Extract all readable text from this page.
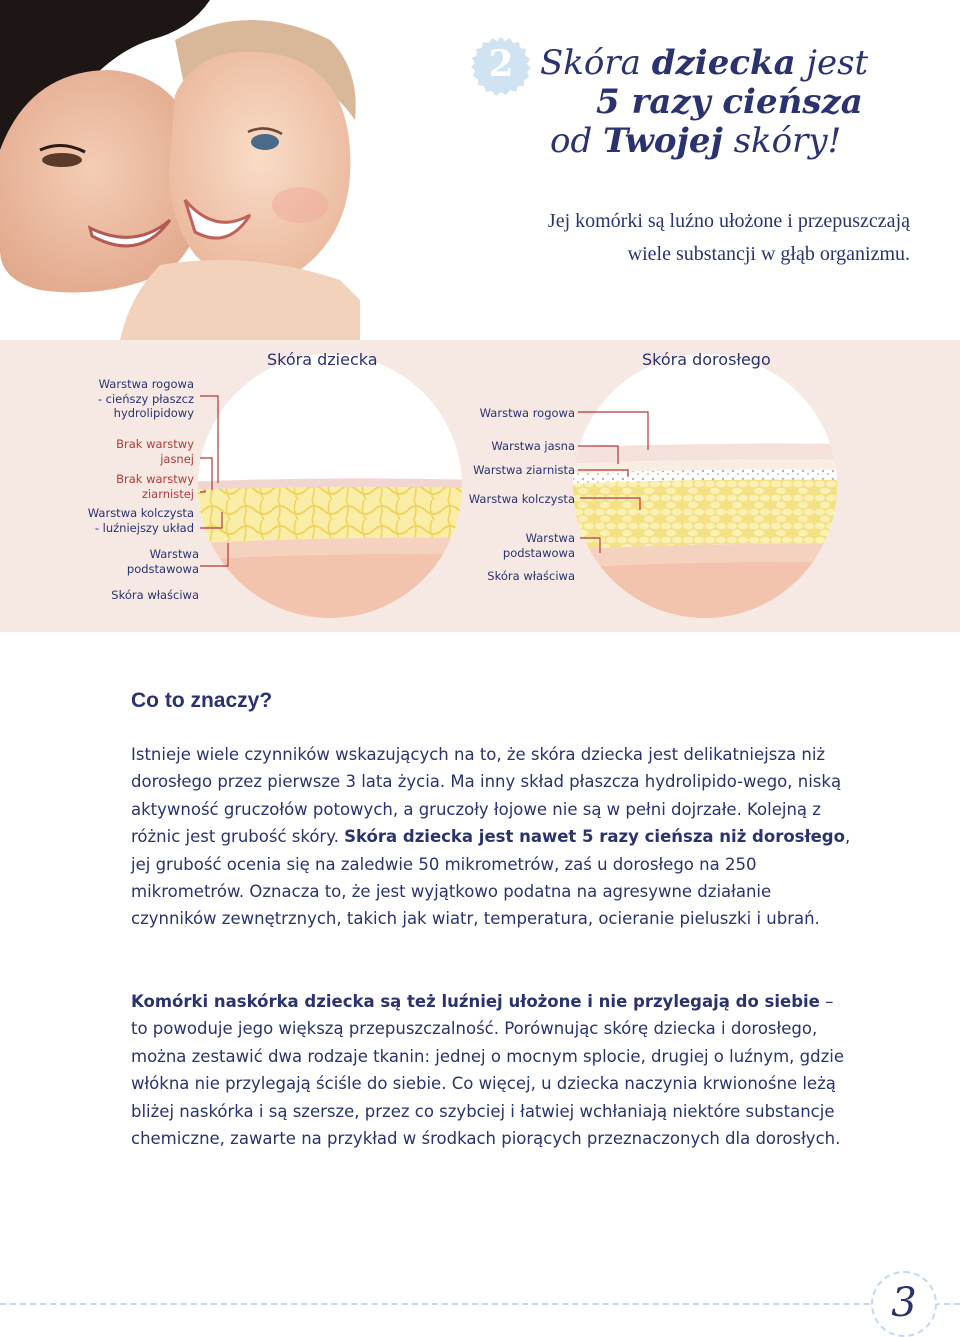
2 Skóra dziecka jest
5 razy cieńsza
od Twojej skóry!
Jej komórki są luźno ułożone i przepuszczają
wiele substancji w głąb organizmu.
Skóra dziecka	Skóra dorosłego
Warstwa rogowa
- cieńszy płaszcz
hydrolipidowy
Brak warstwy
jasnej
Brak warstwy
ziarnistej
Warstwa kolczysta
- luźniejszy układ
Warstwa
podstawowa
Skóra właściwa
Warstwa rogowa
Warstwa jasna
Warstwa ziarnista
Warstwa kolczysta
Warstwa
podstawowa
Skóra właściwa
Co to znaczy?
Istnieje wiele czynników wskazujących na to, że skóra dziecka jest delikatniejsza niż dorosłego przez pierwsze 3 lata życia. Ma inny skład płaszcza hydrolipido-wego, niską aktywność gruczołów potowych, a gruczoły łojowe nie są w pełni dojrzałe. Kolejną z różnic jest grubość skóry. Skóra dziecka jest nawet 5 razy cieńsza niż dorosłego, jej grubość ocenia się na zaledwie 50 mikrometrów, zaś u dorosłego na 250 mikrometrów. Oznacza to, że jest wyjątkowo podatna na agresywne działanie czynników zewnętrznych, takich jak wiatr, temperatura, ocieranie pieluszki i ubrań.
Komórki naskórka dziecka są też luźniej ułożone i nie przylegają do siebie – to powoduje jego większą przepuszczalność. Porównując skórę dziecka i dorosłego, można zestawić dwa rodzaje tkanin: jednej o mocnym splocie, drugiej o luźnym, gdzie włókna nie przylegają ściśle do siebie. Co więcej, u dziecka naczynia krwionośne leżą bliżej naskórka i są szersze, przez co szybciej i łatwiej wchłaniają niektóre substancje chemiczne, zawarte na przykład w środkach piorących przeznaczonych dla dorosłych.
3
